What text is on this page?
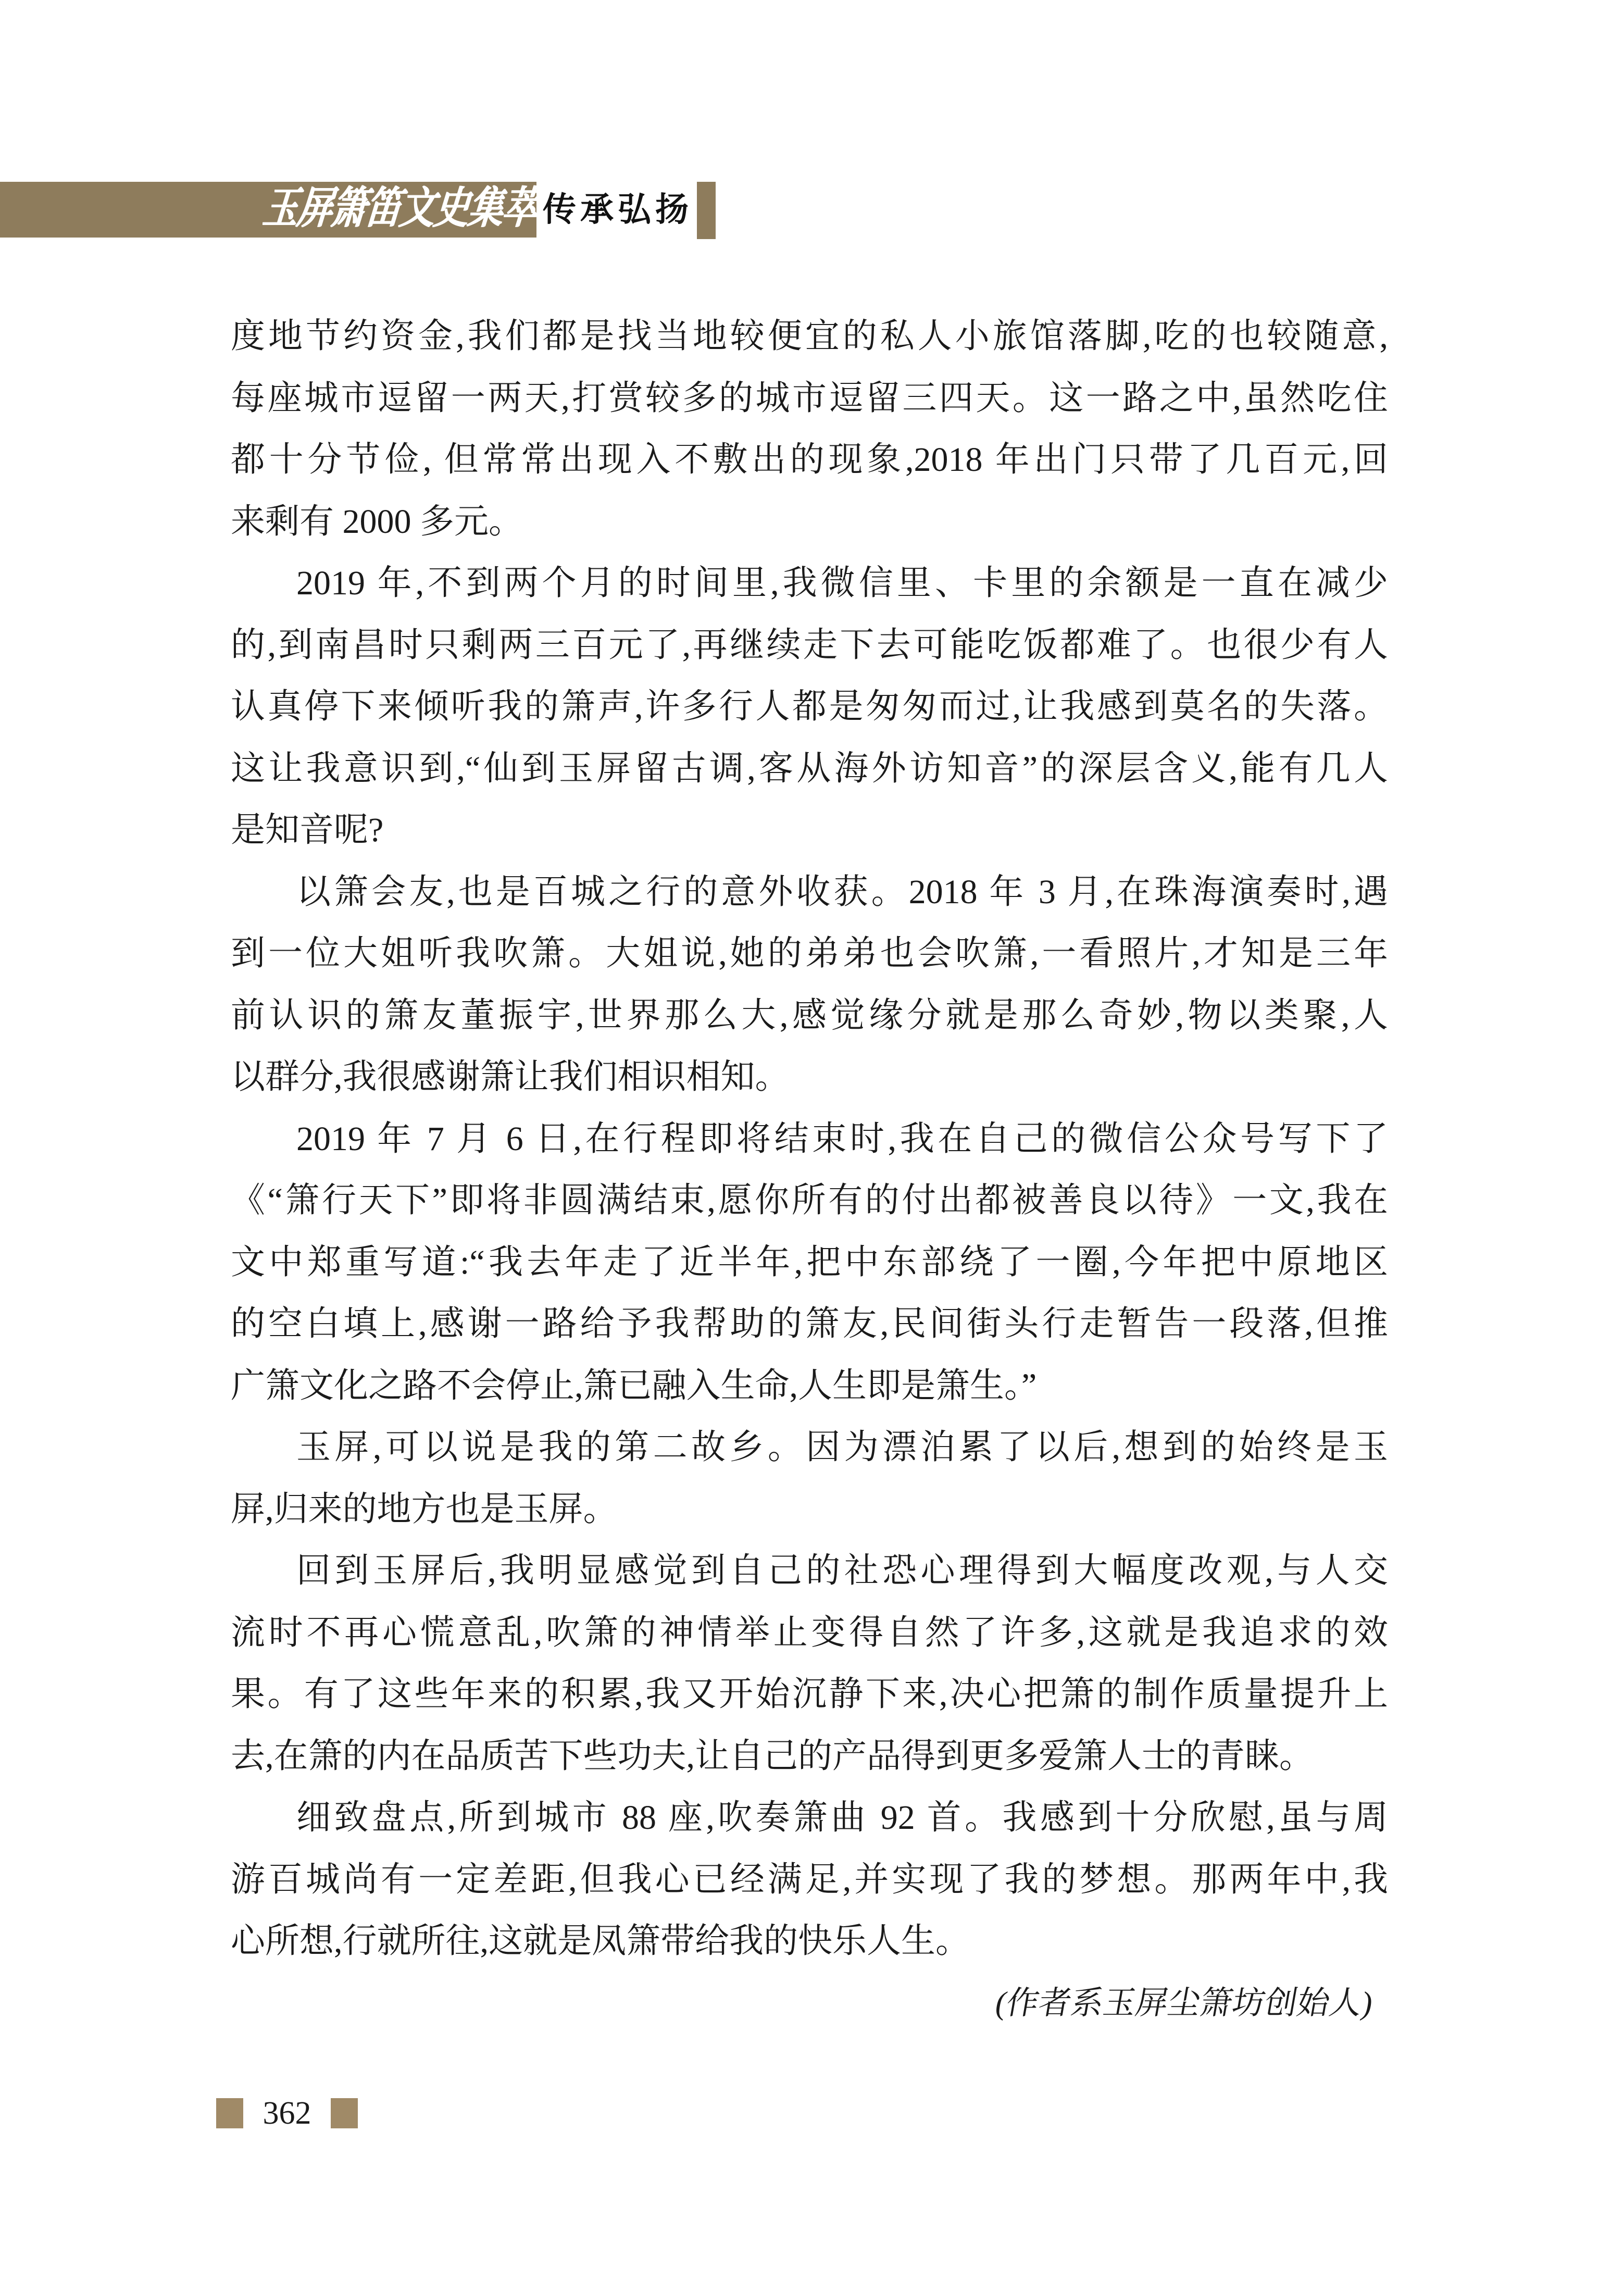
玉屏箫笛文史集萃 传承弘扬
度地节约资金,我们都是找当地较便宜的私人小旅馆落脚,吃的也较随意,
每座城市逗留一两天,打赏较多的城市逗留三四天。这一路之中,虽然吃住
都十分节俭, 但常常出现入不敷出的现象,2018 年出门只带了几百元,回
来剩有 2000 多元。
2019 年,不到两个月的时间里,我微信里、卡里的余额是一直在减少
的,到南昌时只剩两三百元了,再继续走下去可能吃饭都难了。也很少有人
认真停下来倾听我的箫声,许多行人都是匆匆而过,让我感到莫名的失落。
这让我意识到,“仙到玉屏留古调,客从海外访知音”的深层含义,能有几人
是知音呢?
以箫会友,也是百城之行的意外收获。2018 年 3 月,在珠海演奏时,遇
到一位大姐听我吹箫。大姐说,她的弟弟也会吹箫,一看照片,才知是三年
前认识的箫友董振宇,世界那么大,感觉缘分就是那么奇妙,物以类聚,人
以群分,我很感谢箫让我们相识相知。
2019 年 7 月 6 日,在行程即将结束时,我在自己的微信公众号写下了
《“箫行天下”即将非圆满结束,愿你所有的付出都被善良以待》一文,我在
文中郑重写道:“我去年走了近半年,把中东部绕了一圈,今年把中原地区
的空白填上,感谢一路给予我帮助的箫友,民间街头行走暂告一段落,但推
广箫文化之路不会停止,箫已融入生命,人生即是箫生。”
玉屏,可以说是我的第二故乡。因为漂泊累了以后,想到的始终是玉
屏,归来的地方也是玉屏。
回到玉屏后,我明显感觉到自己的社恐心理得到大幅度改观,与人交
流时不再心慌意乱,吹箫的神情举止变得自然了许多,这就是我追求的效
果。有了这些年来的积累,我又开始沉静下来,决心把箫的制作质量提升上
去,在箫的内在品质苦下些功夫,让自己的产品得到更多爱箫人士的青睐。
细致盘点,所到城市 88 座,吹奏箫曲 92 首。我感到十分欣慰,虽与周
游百城尚有一定差距,但我心已经满足,并实现了我的梦想。那两年中,我
心所想,行就所往,这就是凤箫带给我的快乐人生。
(作者系玉屏尘箫坊创始人)
362
